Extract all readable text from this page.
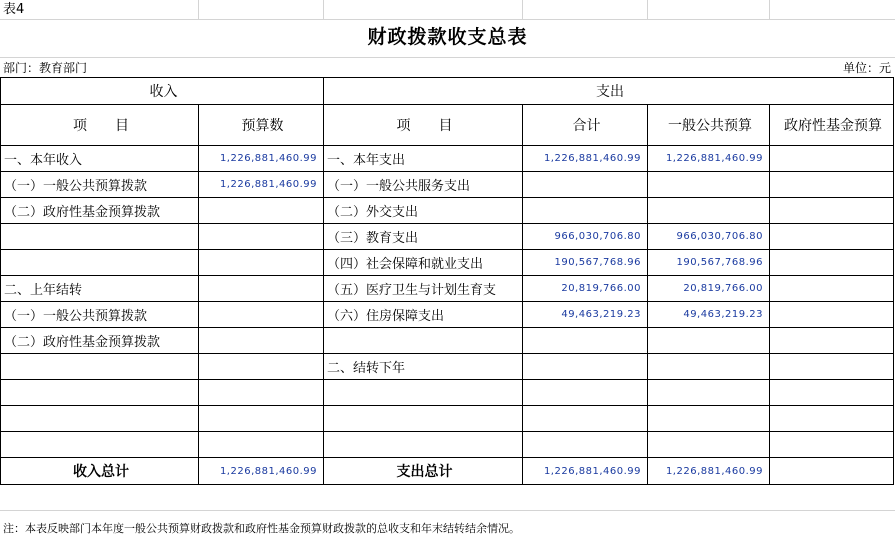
表4
财政拨款收支总表
部门：教育部门	单位：元
收入		支出			
项　　目	预算数	项　　目	合计	一般公共预算	政府性基金预算
一、本年收入	1,226,881,460.99	一、本年支出	1,226,881,460.99	1,226,881,460.99	
（一）一般公共预算拨款	1,226,881,460.99	（一）一般公共服务支出			
（二）政府性基金预算拨款		（二）外交支出			
		（三）教育支出	966,030,706.80	966,030,706.80	
		（四）社会保障和就业支出	190,567,768.96	190,567,768.96	
二、上年结转		（五）医疗卫生与计划生育支	20,819,766.00	20,819,766.00	
（一）一般公共预算拨款		（六）住房保障支出	49,463,219.23	49,463,219.23	
（二）政府性基金预算拨款					
		二、结转下年			

收入总计	1,226,881,460.99	支出总计	1,226,881,460.99	1,226,881,460.99	
注：本表反映部门本年度一般公共预算财政拨款和政府性基金预算财政拨款的总收支和年末结转结余情况。
